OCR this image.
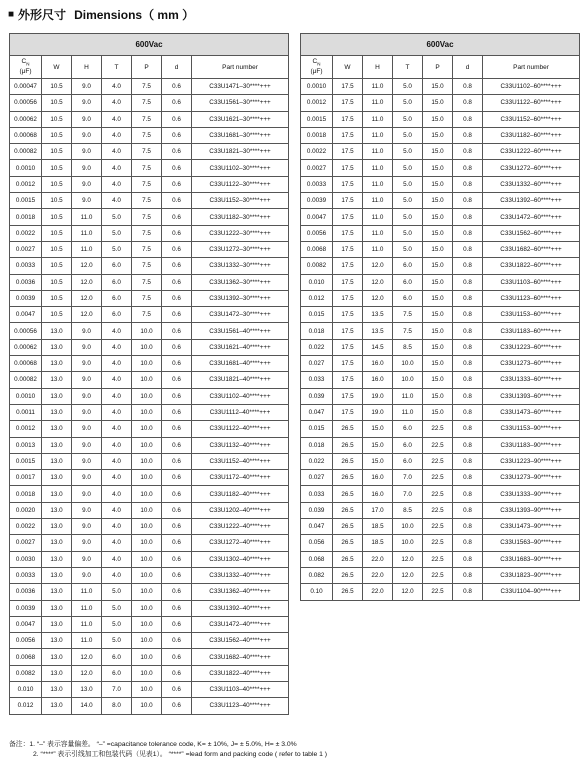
■ 外形尺寸 Dimensions（ mm ）
600Vac						

$C_N$
(μF)	W	H	T	P	d	Part number
0.00047	10.5	9.0	4.0	7.5	0.6	C33U1471–30****+++
0.00056	10.5	9.0	4.0	7.5	0.6	C33U1561–30****+++
0.00062	10.5	9.0	4.0	7.5	0.6	C33U1621–30****+++
0.00068	10.5	9.0	4.0	7.5	0.6	C33U1681–30****+++
0.00082	10.5	9.0	4.0	7.5	0.6	C33U1821–30****+++
0.0010	10.5	9.0	4.0	7.5	0.6	C33U1102–30****+++
0.0012	10.5	9.0	4.0	7.5	0.6	C33U1122–30****+++
0.0015	10.5	9.0	4.0	7.5	0.6	C33U1152–30****+++
0.0018	10.5	11.0	5.0	7.5	0.6	C33U1182–30****+++
0.0022	10.5	11.0	5.0	7.5	0.6	C33U1222–30****+++
0.0027	10.5	11.0	5.0	7.5	0.6	C33U1272–30****+++
0.0033	10.5	12.0	6.0	7.5	0.6	C33U1332–30****+++
0.0036	10.5	12.0	6.0	7.5	0.6	C33U1362–30****+++
0.0039	10.5	12.0	6.0	7.5	0.6	C33U1392–30****+++
0.0047	10.5	12.0	6.0	7.5	0.6	C33U1472–30****+++
0.00056	13.0	9.0	4.0	10.0	0.6	C33U1561–40****+++
0.00062	13.0	9.0	4.0	10.0	0.6	C33U1621–40****+++
0.00068	13.0	9.0	4.0	10.0	0.6	C33U1681–40****+++
0.00082	13.0	9.0	4.0	10.0	0.6	C33U1821–40****+++
0.0010	13.0	9.0	4.0	10.0	0.6	C33U1102–40****+++
0.0011	13.0	9.0	4.0	10.0	0.6	C33U1112–40****+++
0.0012	13.0	9.0	4.0	10.0	0.6	C33U1122–40****+++
0.0013	13.0	9.0	4.0	10.0	0.6	C33U1132–40****+++
0.0015	13.0	9.0	4.0	10.0	0.6	C33U1152–40****+++
0.0017	13.0	9.0	4.0	10.0	0.6	C33U1172–40****+++
0.0018	13.0	9.0	4.0	10.0	0.6	C33U1182–40****+++
0.0020	13.0	9.0	4.0	10.0	0.6	C33U1202–40****+++
0.0022	13.0	9.0	4.0	10.0	0.6	C33U1222–40****+++
0.0027	13.0	9.0	4.0	10.0	0.6	C33U1272–40****+++
0.0030	13.0	9.0	4.0	10.0	0.6	C33U1302–40****+++
0.0033	13.0	9.0	4.0	10.0	0.6	C33U1332–40****+++
0.0036	13.0	11.0	5.0	10.0	0.6	C33U1362–40****+++
0.0039	13.0	11.0	5.0	10.0	0.6	C33U1392–40****+++
0.0047	13.0	11.0	5.0	10.0	0.6	C33U1472–40****+++
0.0056	13.0	11.0	5.0	10.0	0.6	C33U1562–40****+++
0.0068	13.0	12.0	6.0	10.0	0.6	C33U1682–40****+++
0.0082	13.0	12.0	6.0	10.0	0.6	C33U1822–40****+++
0.010	13.0	13.0	7.0	10.0	0.6	C33U1103–40****+++
0.012	13.0	14.0	8.0	10.0	0.6	C33U1123–40****+++
600Vac						

$C_N$
(μF)	W	H	T	P	d	Part number
0.0010	17.5	11.0	5.0	15.0	0.8	C33U1102–60****+++
0.0012	17.5	11.0	5.0	15.0	0.8	C33U1122–60****+++
0.0015	17.5	11.0	5.0	15.0	0.8	C33U1152–60****+++
0.0018	17.5	11.0	5.0	15.0	0.8	C33U1182–60****+++
0.0022	17.5	11.0	5.0	15.0	0.8	C33U1222–60****+++
0.0027	17.5	11.0	5.0	15.0	0.8	C33U1272–60****+++
0.0033	17.5	11.0	5.0	15.0	0.8	C33U1332–60****+++
0.0039	17.5	11.0	5.0	15.0	0.8	C33U1392–60****+++
0.0047	17.5	11.0	5.0	15.0	0.8	C33U1472–60****+++
0.0056	17.5	11.0	5.0	15.0	0.8	C33U1562–60****+++
0.0068	17.5	11.0	5.0	15.0	0.8	C33U1682–60****+++
0.0082	17.5	12.0	6.0	15.0	0.8	C33U1822–60****+++
0.010	17.5	12.0	6.0	15.0	0.8	C33U1103–60****+++
0.012	17.5	12.0	6.0	15.0	0.8	C33U1123–60****+++
0.015	17.5	13.5	7.5	15.0	0.8	C33U1153–60****+++
0.018	17.5	13.5	7.5	15.0	0.8	C33U1183–60****+++
0.022	17.5	14.5	8.5	15.0	0.8	C33U1223–60****+++
0.027	17.5	16.0	10.0	15.0	0.8	C33U1273–60****+++
0.033	17.5	16.0	10.0	15.0	0.8	C33U1333–60****+++
0.039	17.5	19.0	11.0	15.0	0.8	C33U1393–60****+++
0.047	17.5	19.0	11.0	15.0	0.8	C33U1473–60****+++
0.015	26.5	15.0	6.0	22.5	0.8	C33U1153–90****+++
0.018	26.5	15.0	6.0	22.5	0.8	C33U1183–90****+++
0.022	26.5	15.0	6.0	22.5	0.8	C33U1223–90****+++
0.027	26.5	16.0	7.0	22.5	0.8	C33U1273–90****+++
0.033	26.5	16.0	7.0	22.5	0.8	C33U1333–90****+++
0.039	26.5	17.0	8.5	22.5	0.8	C33U1393–90****+++
0.047	26.5	18.5	10.0	22.5	0.8	C33U1473–90****+++
0.056	26.5	18.5	10.0	22.5	0.8	C33U1563–90****+++
0.068	26.5	22.0	12.0	22.5	0.8	C33U1683–90****+++
0.082	26.5	22.0	12.0	22.5	0.8	C33U1823–90****+++
0.10	26.5	22.0	12.0	22.5	0.8	C33U1104–90****+++
备注：1. “–” 表示容量偏差。 “–” =capacitance tolerance code, K= ± 10%, J= ± 5.0%, H= ± 3.0%
2. “****” 表示引线加工和包装代码（见表1）。 “****” =lead form and packing code ( refer to table 1 )
